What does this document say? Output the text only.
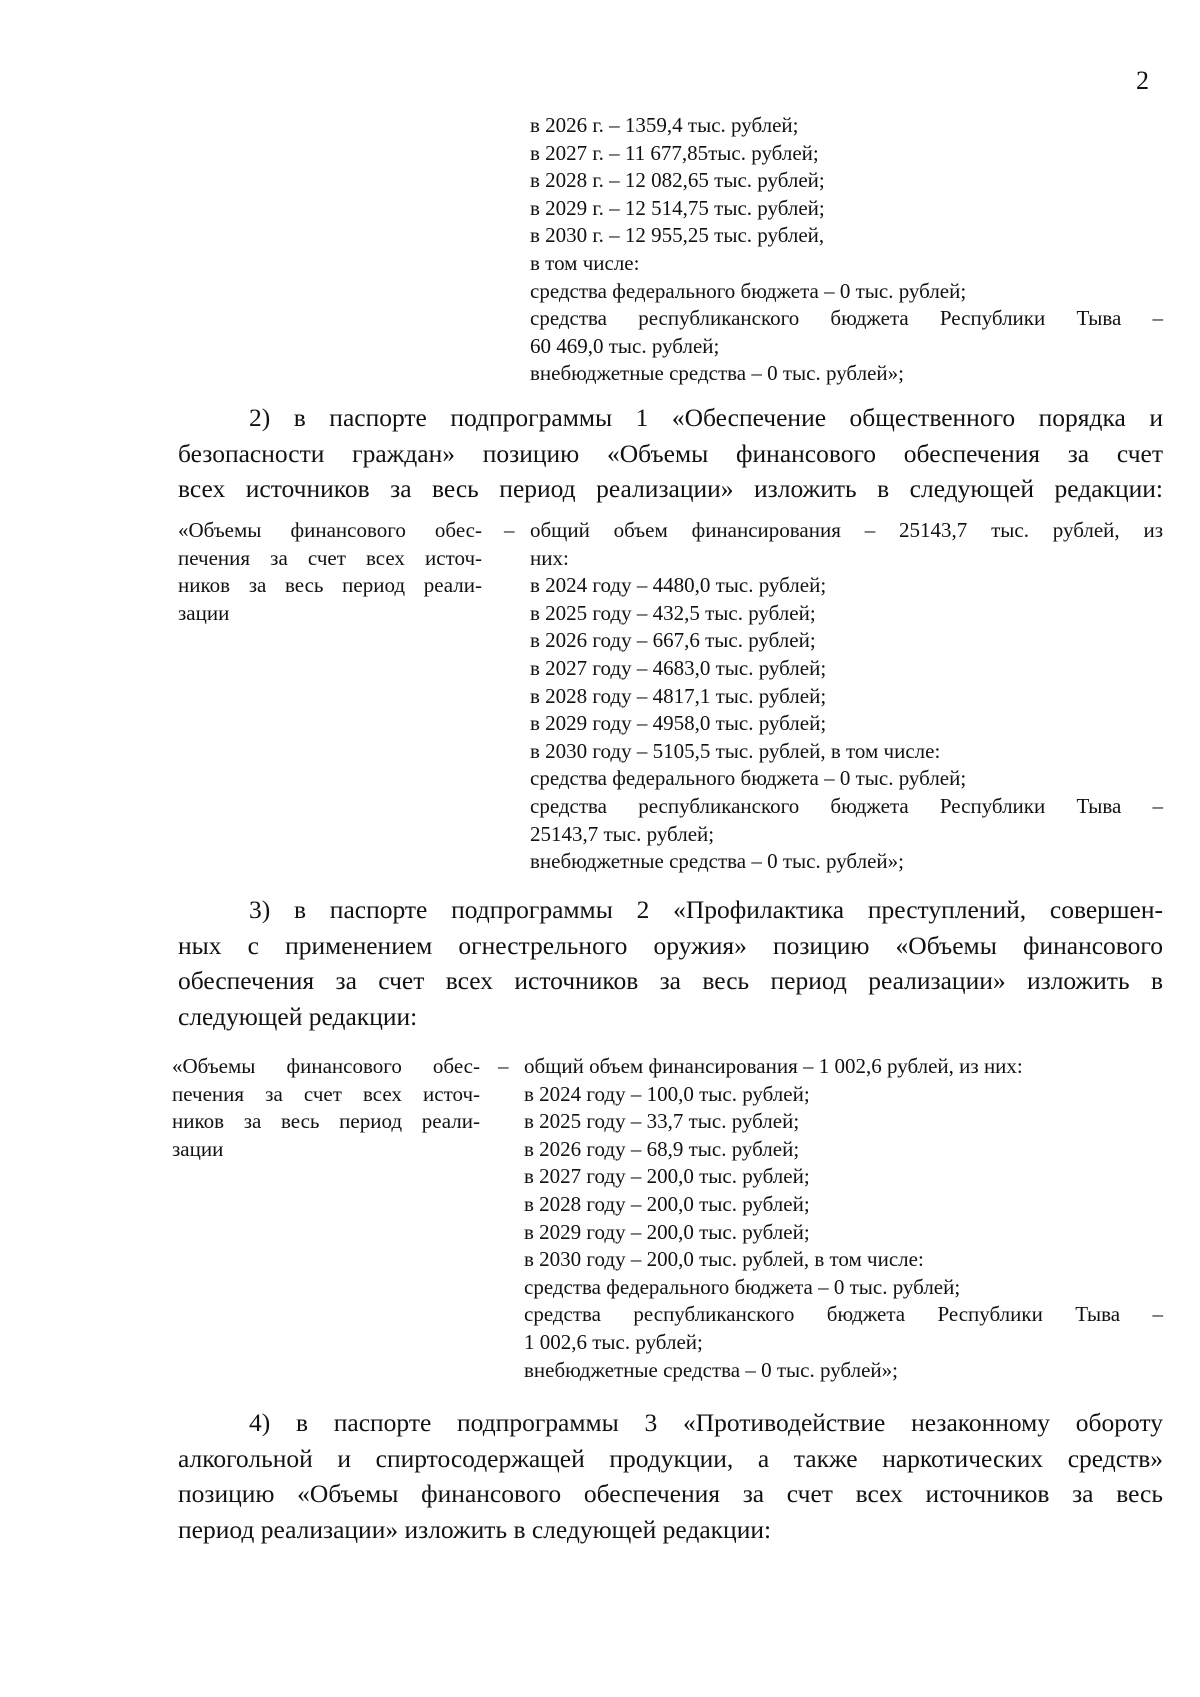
2
в 2026 г. – 1359,4 тыс. рублей;
в 2027 г. – 11 677,85тыс. рублей;
в 2028 г. – 12 082,65 тыс. рублей;
в 2029 г. – 12 514,75 тыс. рублей;
в 2030 г. – 12 955,25 тыс. рублей,
в том числе:
средства федерального бюджета – 0 тыс. рублей;
средства республиканского бюджета Республики Тыва –
60 469,0 тыс. рублей;
внебюджетные средства – 0 тыс. рублей»;
2) в паспорте подпрограммы 1 «Обеспечение общественного порядка и
безопасности граждан» позицию «Объемы финансового обеспечения за счет
всех источников за весь период реализации» изложить в следующей редакции:
«Объемы финансового обес-
печения за счет всех источ-
ников за весь период реали-
зации
– общий объем финансирования – 25143,7 тыс. рублей, из
них:
в 2024 году – 4480,0 тыс. рублей;
в 2025 году – 432,5 тыс. рублей;
в 2026 году – 667,6 тыс. рублей;
в 2027 году – 4683,0 тыс. рублей;
в 2028 году – 4817,1 тыс. рублей;
в 2029 году – 4958,0 тыс. рублей;
в 2030 году – 5105,5 тыс. рублей, в том числе:
средства федерального бюджета – 0 тыс. рублей;
средства республиканского бюджета Республики Тыва –
25143,7 тыс. рублей;
внебюджетные средства – 0 тыс. рублей»;
3) в паспорте подпрограммы 2 «Профилактика преступлений, совершен-
ных с применением огнестрельного оружия» позицию «Объемы финансового
обеспечения за счет всех источников за весь период реализации» изложить в
следующей редакции:
«Объемы финансового обес-
печения за счет всех источ-
ников за весь период реали-
зации
– общий объем финансирования – 1 002,6 рублей, из них:
в 2024 году – 100,0 тыс. рублей;
в 2025 году – 33,7 тыс. рублей;
в 2026 году – 68,9 тыс. рублей;
в 2027 году – 200,0 тыс. рублей;
в 2028 году – 200,0 тыс. рублей;
в 2029 году – 200,0 тыс. рублей;
в 2030 году – 200,0 тыс. рублей, в том числе:
средства федерального бюджета – 0 тыс. рублей;
средства республиканского бюджета Республики Тыва –
1 002,6 тыс. рублей;
внебюджетные средства – 0 тыс. рублей»;
4) в паспорте подпрограммы 3 «Противодействие незаконному обороту
алкогольной и спиртосодержащей продукции, а также наркотических средств»
позицию «Объемы финансового обеспечения за счет всех источников за весь
период реализации» изложить в следующей редакции:
